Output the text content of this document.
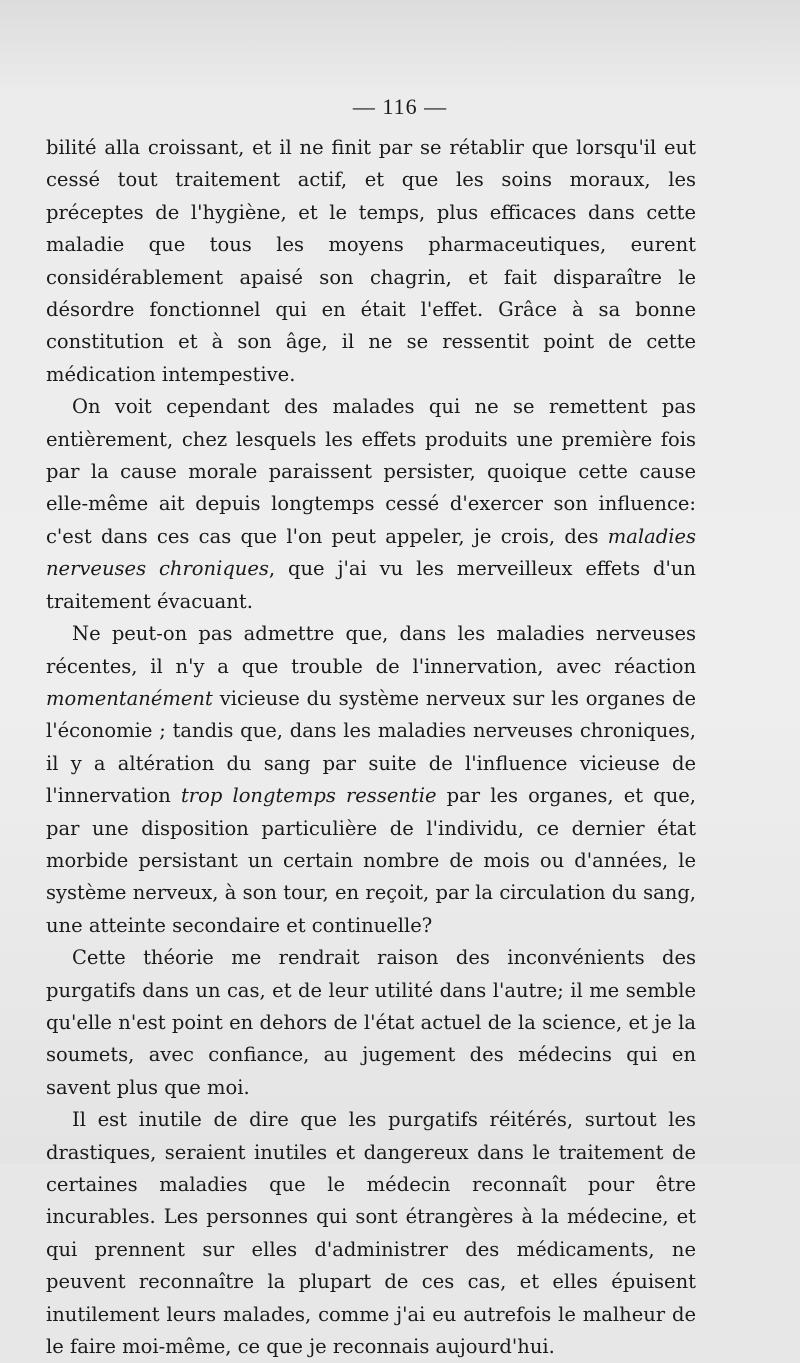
— 116 —

bilité alla croissant, et il ne finit par se rétablir que lorsqu'il eut cessé tout traitement actif, et que les soins moraux, les préceptes de l'hygiène, et le temps, plus efficaces dans cette maladie que tous les moyens pharmaceutiques, eurent considérablement apaisé son chagrin, et fait disparaître le désordre fonctionnel qui en était l'effet. Grâce à sa bonne constitution et à son âge, il ne se ressentit point de cette médication intempestive.

On voit cependant des malades qui ne se remettent pas entièrement, chez lesquels les effets produits une première fois par la cause morale paraissent persister, quoique cette cause elle-même ait depuis longtemps cessé d'exercer son influence: c'est dans ces cas que l'on peut appeler, je crois, des maladies nerveuses chroniques, que j'ai vu les merveilleux effets d'un traitement évacuant.

Ne peut-on pas admettre que, dans les maladies nerveuses récentes, il n'y a que trouble de l'innervation, avec réaction momentanément vicieuse du système nerveux sur les organes de l'économie ; tandis que, dans les maladies nerveuses chroniques, il y a altération du sang par suite de l'influence vicieuse de l'innervation trop longtemps ressentie par les organes, et que, par une disposition particulière de l'individu, ce dernier état morbide persistant un certain nombre de mois ou d'années, le système nerveux, à son tour, en reçoit, par la circulation du sang, une atteinte secondaire et continuelle?

Cette théorie me rendrait raison des inconvénients des purgatifs dans un cas, et de leur utilité dans l'autre; il me semble qu'elle n'est point en dehors de l'état actuel de la science, et je la soumets, avec confiance, au jugement des médecins qui en savent plus que moi.

Il est inutile de dire que les purgatifs réitérés, surtout les drastiques, seraient inutiles et dangereux dans le traitement de certaines maladies que le médecin reconnaît pour être incurables. Les personnes qui sont étrangères à la médecine, et qui prennent sur elles d'administrer des médicaments, ne peuvent reconnaître la plupart de ces cas, et elles épuisent inutilement leurs malades, comme j'ai eu autrefois le malheur de le faire moi-même, ce que je reconnais aujourd'hui.
